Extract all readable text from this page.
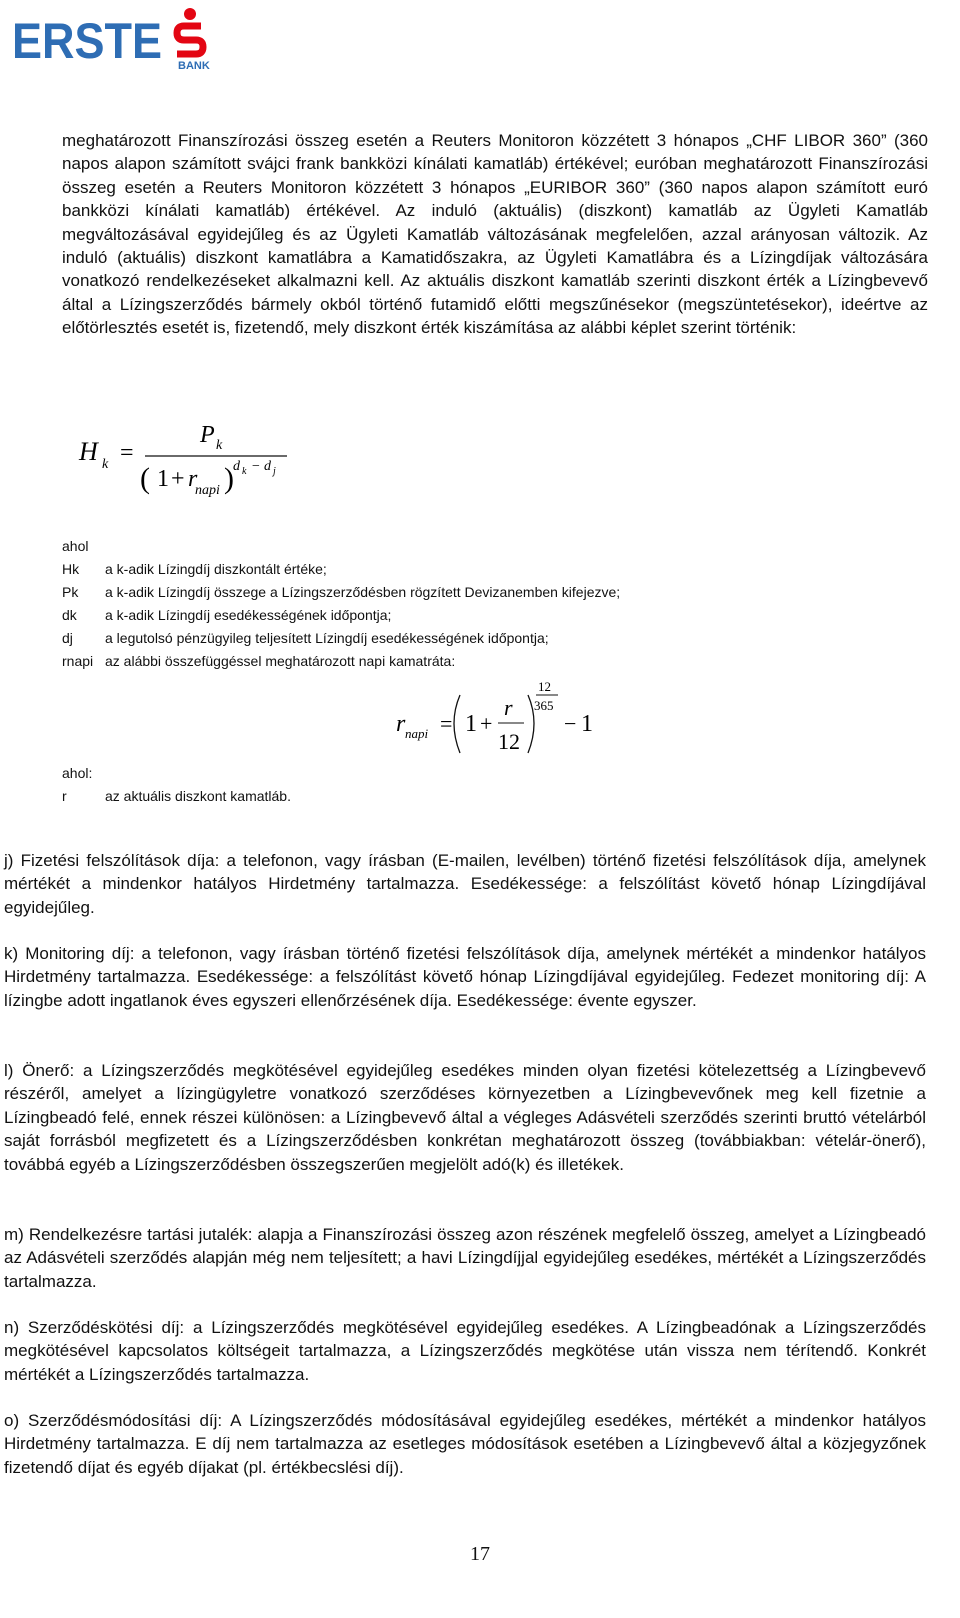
ERSTE BANK

meghatározott Finanszírozási összeg esetén a Reuters Monitoron közzétett 3 hónapos „CHF LIBOR 360” (360 napos alapon számított svájci frank bankközi kínálati kamatláb) értékével; euróban meghatározott Finanszírozási összeg esetén a Reuters Monitoron közzétett 3 hónapos „EURIBOR 360” (360 napos alapon számított euró bankközi kínálati kamatláb) értékével. Az induló (aktuális) (diszkont) kamatláb az Ügyleti Kamatláb megváltozásával egyidejűleg és az Ügyleti Kamatláb változásának megfelelően, azzal arányosan változik. Az induló (aktuális) diszkont kamatlábra a Kamatidőszakra, az Ügyleti Kamatlábra és a Lízingdíjak változására vonatkozó rendelkezéseket alkalmazni kell. Az aktuális diszkont kamatláb szerinti diszkont érték a Lízingbevevő által a Lízingszerződés bármely okból történő futamidő előtti megszűnésekor (megszüntetésekor), ideértve az előtörlesztés esetét is, fizetendő, mely diszkont érték kiszámítása az alábbi képlet szerint történik:

H k =
P k
( 1 + r
napi ) d k − d j
ahol
Hk a k-adik Lízingdíj diszkontált értéke;
Pk a k-adik Lízingdíj összege a Lízingszerződésben rögzített Devizanemben kifejezve;
dk a k-adik Lízingdíj esedékességének időpontja;
dj a legutolsó pénzügyileg teljesített Lízingdíj esedékességének időpontja;
rnapi az alábbi összefüggéssel meghatározott napi kamatráta:
ahol:
r	az aktuális diszkont kamatláb.
r napi = 1 +
r
12
12
365
− 1

j) Fizetési felszólítások díja: a telefonon, vagy írásban (E-mailen, levélben) történő fizetési felszólítások díja, amelynek mértékét a mindenkor hatályos Hirdetmény tartalmazza. Esedékessége: a felszólítást követő hónap Lízingdíjával egyidejűleg.

k) Monitoring díj: a telefonon, vagy írásban történő fizetési felszólítások díja, amelynek mértékét a mindenkor hatályos Hirdetmény tartalmazza. Esedékessége: a felszólítást követő hónap Lízingdíjával egyidejűleg. Fedezet monitoring díj: A lízingbe adott ingatlanok éves egyszeri ellenőrzésének díja. Esedékessége: évente egyszer.

l) Önerő: a Lízingszerződés megkötésével egyidejűleg esedékes minden olyan fizetési kötelezettség a Lízingbevevő részéről, amelyet a lízingügyletre vonatkozó szerződéses környezetben a Lízingbevevőnek meg kell fizetnie a Lízingbeadó felé, ennek részei különösen: a Lízingbevevő által a végleges Adásvételi szerződés szerinti bruttó vételárból saját forrásból megfizetett és a Lízingszerződésben konkrétan meghatározott összeg (továbbiakban: vételár-önerő), továbbá egyéb a Lízingszerződésben összegszerűen megjelölt adó(k) és illetékek.

m) Rendelkezésre tartási jutalék: alapja a Finanszírozási összeg azon részének megfelelő összeg, amelyet a Lízingbeadó az Adásvételi szerződés alapján még nem teljesített; a havi Lízingdíjjal egyidejűleg esedékes, mértékét a Lízingszerződés tartalmazza.

n) Szerződéskötési díj: a Lízingszerződés megkötésével egyidejűleg esedékes. A Lízingbeadónak a Lízingszerződés megkötésével kapcsolatos költségeit tartalmazza, a Lízingszerződés megkötése után vissza nem térítendő. Konkrét mértékét a Lízingszerződés tartalmazza.

o) Szerződésmódosítási díj: A Lízingszerződés módosításával egyidejűleg esedékes, mértékét a mindenkor hatályos Hirdetmény tartalmazza. E díj nem tartalmazza az esetleges módosítások esetében a Lízingbevevő által a közjegyzőnek fizetendő díjat és egyéb díjakat (pl. értékbecslési díj).

17
